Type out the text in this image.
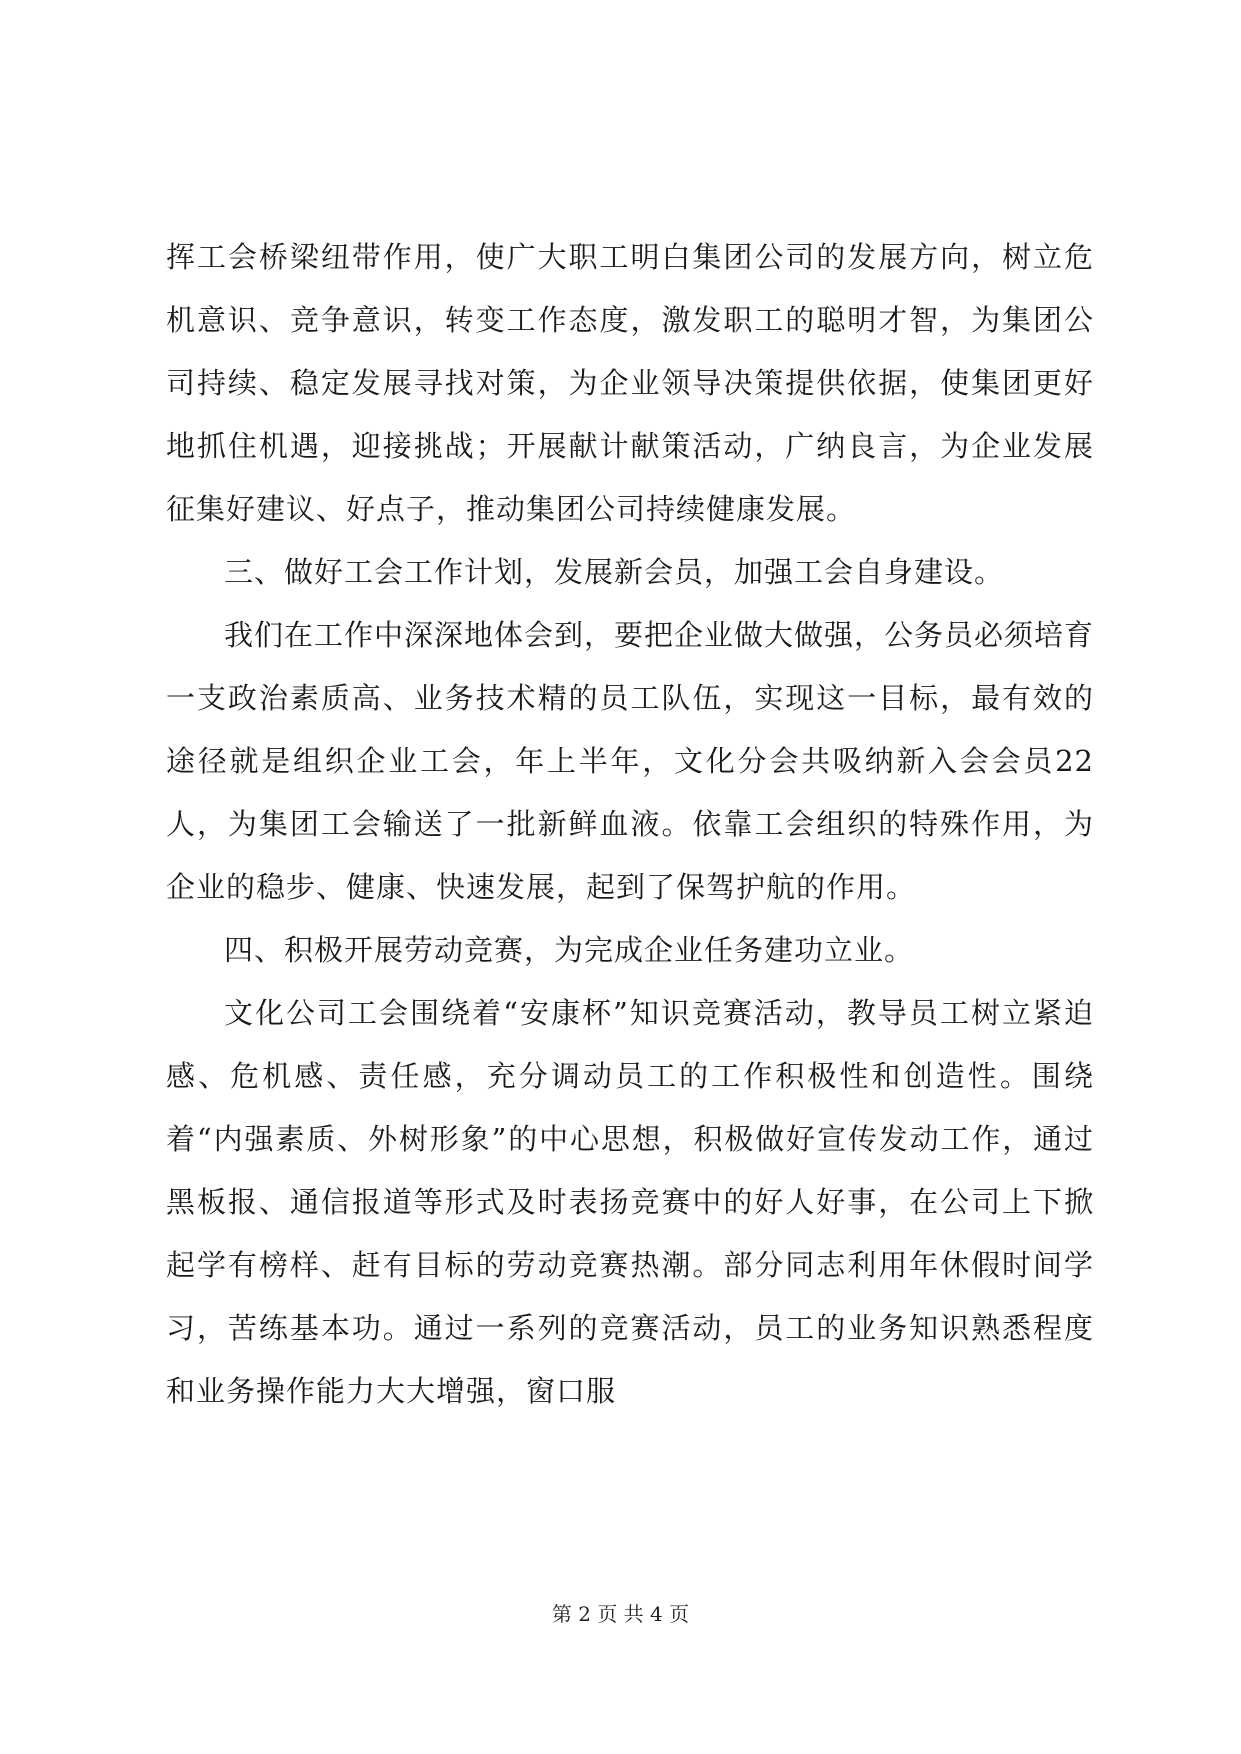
挥工会桥梁纽带作用，使广大职工明白集团公司的发展方向，树立危机意识、竞争意识，转变工作态度，激发职工的聪明才智，为集团公司持续、稳定发展寻找对策，为企业领导决策提供依据，使集团更好地抓住机遇，迎接挑战；开展献计献策活动，广纳良言，为企业发展征集好建议、好点子，推动集团公司持续健康发展。

三、做好工会工作计划，发展新会员，加强工会自身建设。

我们在工作中深深地体会到，要把企业做大做强，公务员必须培育一支政治素质高、业务技术精的员工队伍，实现这一目标，最有效的途径就是组织企业工会，年上半年，文化分会共吸纳新入会会员22人，为集团工会输送了一批新鲜血液。依靠工会组织的特殊作用，为企业的稳步、健康、快速发展，起到了保驾护航的作用。

四、积极开展劳动竞赛，为完成企业任务建功立业。

文化公司工会围绕着“安康杯”知识竞赛活动，教导员工树立紧迫感、危机感、责任感，充分调动员工的工作积极性和创造性。围绕着“内强素质、外树形象”的中心思想，积极做好宣传发动工作，通过黑板报、通信报道等形式及时表扬竞赛中的好人好事，在公司上下掀起学有榜样、赶有目标的劳动竞赛热潮。部分同志利用年休假时间学习，苦练基本功。通过一系列的竞赛活动，员工的业务知识熟悉程度和业务操作能力大大增强，窗口服

第 2 页 共 4 页
